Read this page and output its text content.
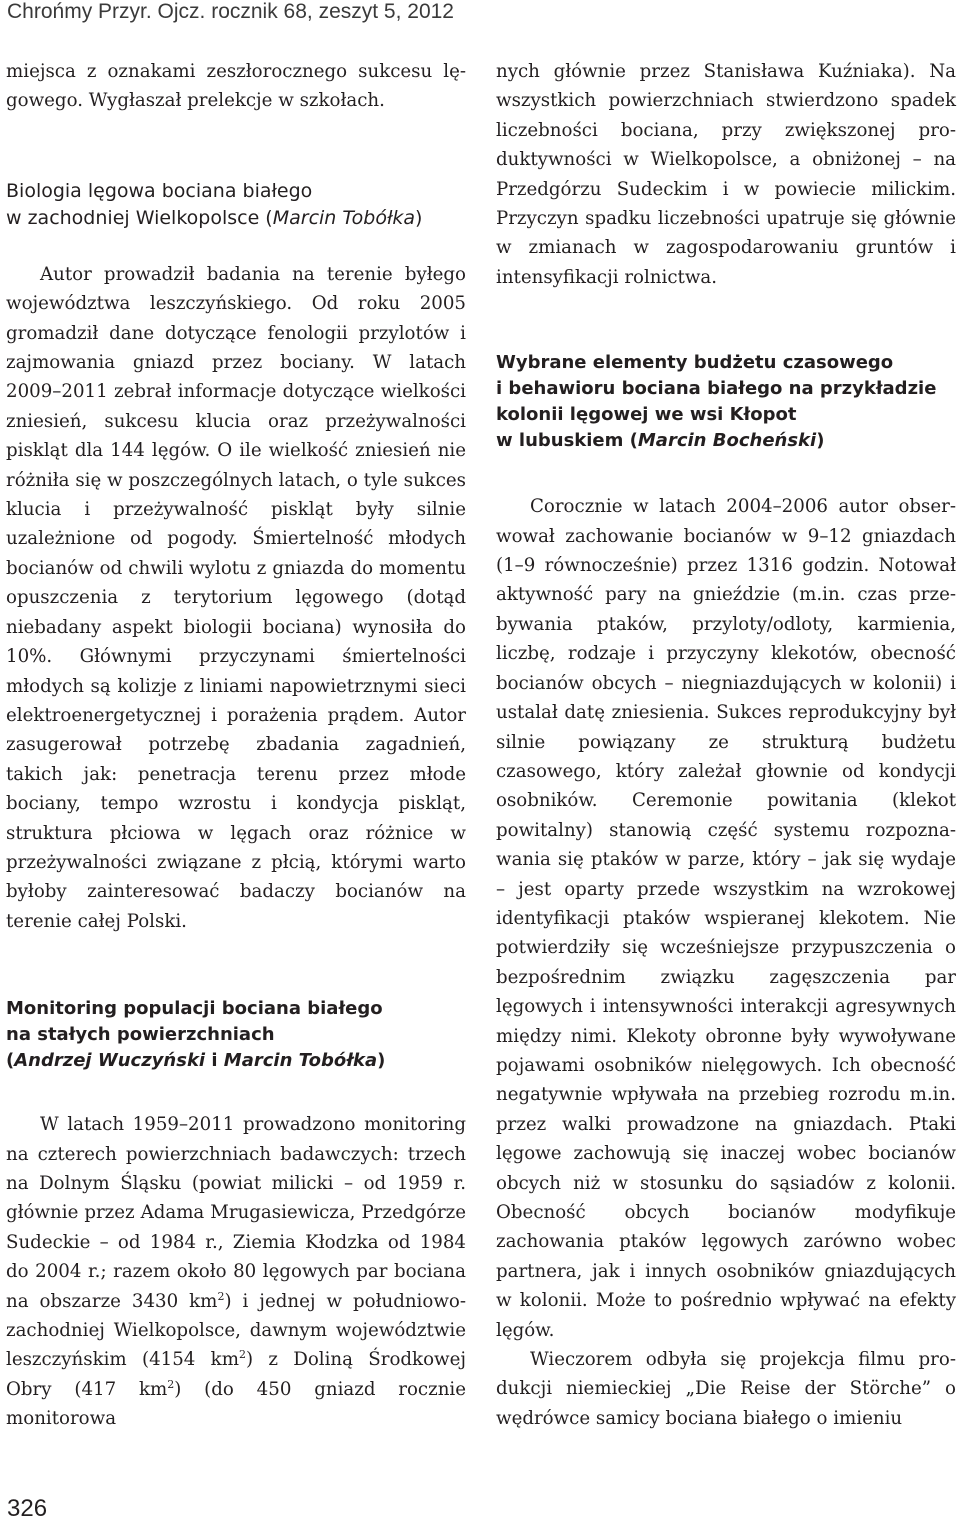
Chrońmy Przyr. Ojcz. rocznik 68, zeszyt 5, 2012

miejsca z oznakami zeszłorocznego sukcesu lęgowego. Wygłaszał prelekcje w szkołach.

Biologia lęgowa bociana białego
w zachodniej Wielkopolsce (Marcin Tobółka)

Autor prowadził badania na terenie byłego województwa leszczyńskiego. Od roku 2005 gromadził dane dotyczące fenologii przylotów i zajmowania gniazd przez bociany. W latach 2009–2011 zebrał informacje dotyczące wielkości zniesień, sukcesu klucia oraz przeżywalności piskląt dla 144 lęgów. O ile wielkość zniesień nie różniła się w poszczególnych latach, o tyle sukces klucia i przeżywalność piskląt były silnie uzależnione od pogody. Śmiertelność młodych bocianów od chwili wylotu z gniazda do momentu opuszczenia z terytorium lęgowego (dotąd niebadany aspekt biologii bociana) wynosiła do 10%. Głównymi przyczynami śmiertelności młodych są kolizje z liniami napowietrznymi sieci elektroenergetycznej i porażenia prądem. Autor zasugerował potrzebę zbadania zagadnień, takich jak: penetracja terenu przez młode bociany, tempo wzrostu i kondycja piskląt, struktura płciowa w lęgach oraz różnice w przeżywalności związane z płcią, którymi warto byłoby zainteresować badaczy bocianów na terenie całej Polski.

Monitoring populacji bociana białego
na stałych powierzchniach
(Andrzej Wuczyński i Marcin Tobółka)

W latach 1959–2011 prowadzono monitoring na czterech powierzchniach badawczych: trzech na Dolnym Śląsku (powiat milicki – od 1959 r. głównie przez Adama Mrugasiewicza, Przedgórze Sudeckie – od 1984 r., Ziemia Kłodzka od 1984 do 2004 r.; razem około 80 lęgowych par bociana na obszarze 3430 $km^2$) i jednej w południowo-zachodniej Wielkopolsce, dawnym województwie leszczyńskim (4154 $km^2$) z Doliną Środkowej Obry (417 $km^2$) (do 450 gniazd rocznie monitorowa

nych głównie przez Stanisława Kuźniaka). Na wszystkich powierzchniach stwierdzono spadek liczebności bociana, przy zwiększonej produktywności w Wielkopolsce, a obniżonej – na Przedgórzu Sudeckim i w powiecie milickim. Przyczyn spadku liczebności upatruje się głównie w zmianach w zagospodarowaniu gruntów i intensyfikacji rolnictwa.

Wybrane elementy budżetu czasowego
i behawioru bociana białego na przykładzie
kolonii lęgowej we wsi Kłopot
w lubuskiem (Marcin Bocheński)

Corocznie w latach 2004–2006 autor obserwował zachowanie bocianów w 9–12 gniazdach (1–9 równocześnie) przez 1316 godzin. Notował aktywność pary na gnieździe (m.in. czas przebywania ptaków, przyloty/odloty, karmienia, liczbę, rodzaje i przyczyny klekotów, obecność bocianów obcych – niegniazdujących w kolonii) i ustalał datę zniesienia. Sukces reprodukcyjny był silnie powiązany ze strukturą budżetu czasowego, który zależał głownie od kondycji osobników. Ceremonie powitania (klekot powitalny) stanowią część systemu rozpoznawania się ptaków w parze, który – jak się wydaje – jest oparty przede wszystkim na wzrokowej identyfikacji ptaków wspieranej klekotem. Nie potwierdziły się wcześniejsze przypuszczenia o bezpośrednim związku zagęszczenia par lęgowych i intensywności interakcji agresywnych między nimi. Klekoty obronne były wywoływane pojawami osobników nielęgowych. Ich obecność negatywnie wpływała na przebieg rozrodu m.in. przez walki prowadzone na gniazdach. Ptaki lęgowe zachowują się inaczej wobec bocianów obcych niż w stosunku do sąsiadów z kolonii. Obecność obcych bocianów modyfikuje zachowania ptaków lęgowych zarówno wobec partnera, jak i innych osobników gniazdujących w kolonii. Może to pośrednio wpływać na efekty lęgów.

Wieczorem odbyła się projekcja filmu produkcji niemieckiej „Die Reise der Störche” o wędrówce samicy bociana białego o imieniu

326
